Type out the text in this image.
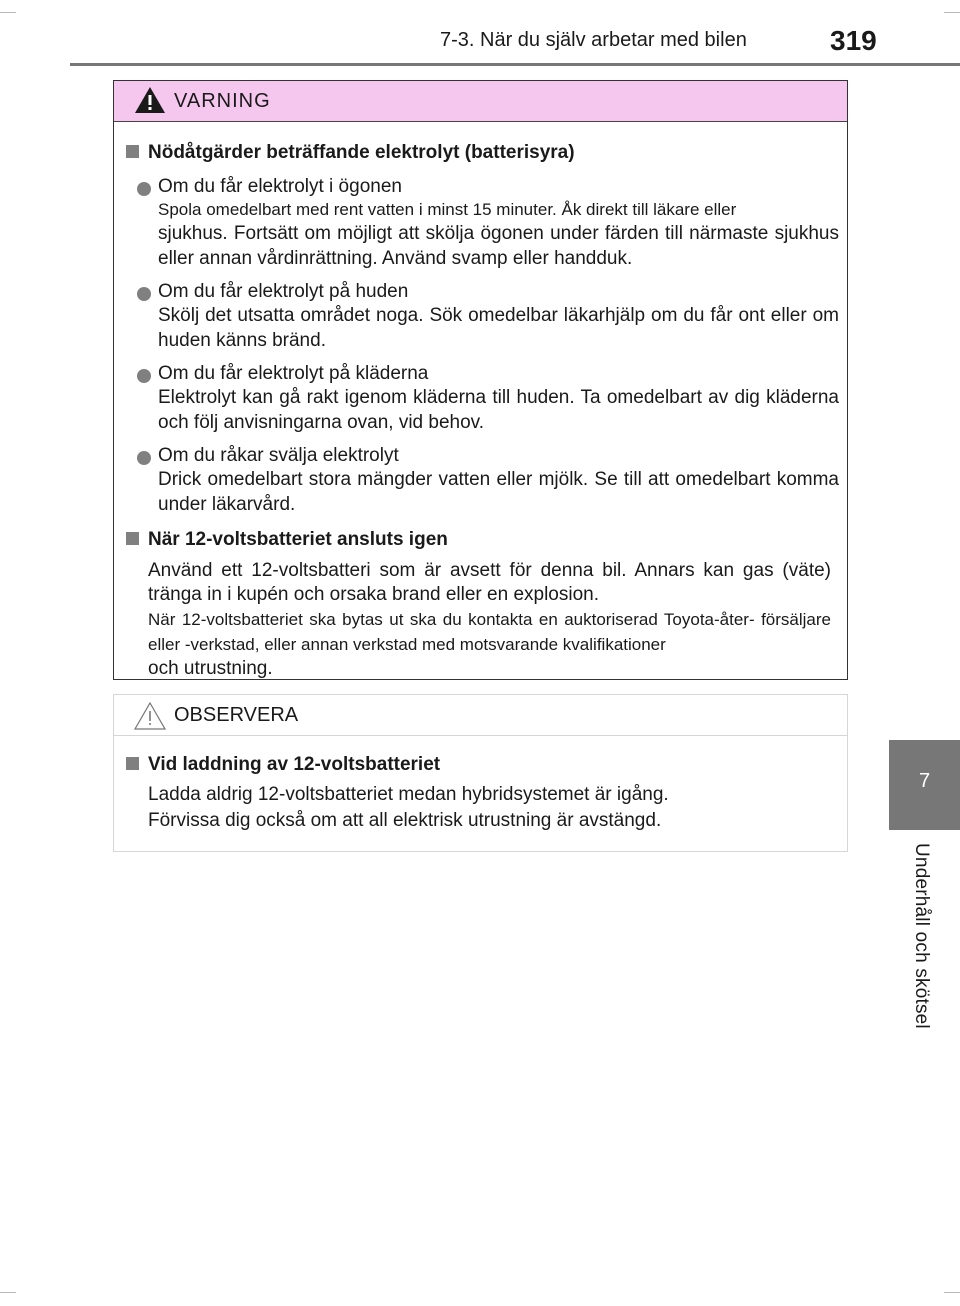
7-3. När du själv arbetar med bilen	319
7
Underhåll och skötsel
VARNING
Nödåtgärder beträffande elektrolyt (batterisyra)
Om du får elektrolyt i ögonen
Spola omedelbart med rent vatten i minst 15 minuter. Åk direkt till läkare eller
sjukhus. Fortsätt om möjligt att skölja ögonen under färden till närmaste sjukhus eller annan vårdinrättning. Använd svamp eller handduk.
Om du får elektrolyt på huden
Skölj det utsatta området noga. Sök omedelbar läkarhjälp om du får ont eller om huden känns bränd.
Om du får elektrolyt på kläderna
Elektrolyt kan gå rakt igenom kläderna till huden. Ta omedelbart av dig kläderna och följ anvisningarna ovan, vid behov.
Om du råkar svälja elektrolyt
Drick omedelbart stora mängder vatten eller mjölk. Se till att omedelbart komma under läkarvård.
När 12-voltsbatteriet ansluts igen

Använd ett 12-voltsbatteri som är avsett för denna bil. Annars kan gas (väte) tränga in i kupén och orsaka brand eller en explosion.

När 12-voltsbatteriet ska bytas ut ska du kontakta en auktoriserad Toyota-åter- försäljare eller -verkstad, eller annan verkstad med motsvarande kvalifikationer

och utrustning.

OBSERVERA
Vid laddning av 12-voltsbatteriet

Ladda aldrig 12-voltsbatteriet medan hybridsystemet är igång.

Förvissa dig också om att all elektrisk utrustning är avstängd.
